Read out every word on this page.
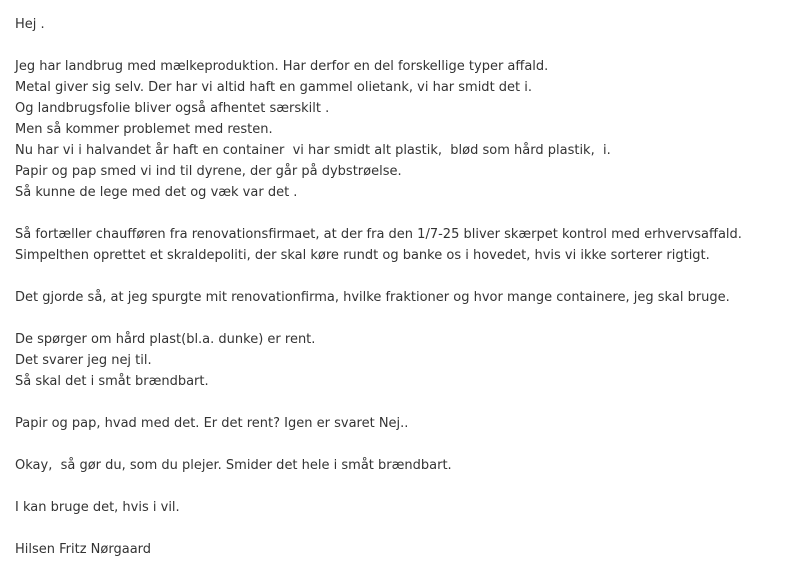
Hej .
Jeg har landbrug med mælkeproduktion. Har derfor en del forskellige typer affald.
Metal giver sig selv. Der har vi altid haft en gammel olietank, vi har smidt det i.
Og landbrugsfolie bliver også afhentet særskilt .
Men så kommer problemet med resten.
Nu har vi i halvandet år haft en container  vi har smidt alt plastik,  blød som hård plastik,  i.
Papir og pap smed vi ind til dyrene, der går på dybstrøelse.
Så kunne de lege med det og væk var det .
Så fortæller chaufføren fra renovationsfirmaet, at der fra den 1/7-25 bliver skærpet kontrol med erhvervsaffald.
Simpelthen oprettet et skraldepoliti, der skal køre rundt og banke os i hovedet, hvis vi ikke sorterer rigtigt.
Det gjorde så, at jeg spurgte mit renovationfirma, hvilke fraktioner og hvor mange containere, jeg skal bruge.
De spørger om hård plast(bl.a. dunke) er rent.
Det svarer jeg nej til.
Så skal det i småt brændbart.
Papir og pap, hvad med det. Er det rent? Igen er svaret Nej..
Okay,  så gør du, som du plejer. Smider det hele i småt brændbart.
I kan bruge det, hvis i vil.
Hilsen Fritz Nørgaard
